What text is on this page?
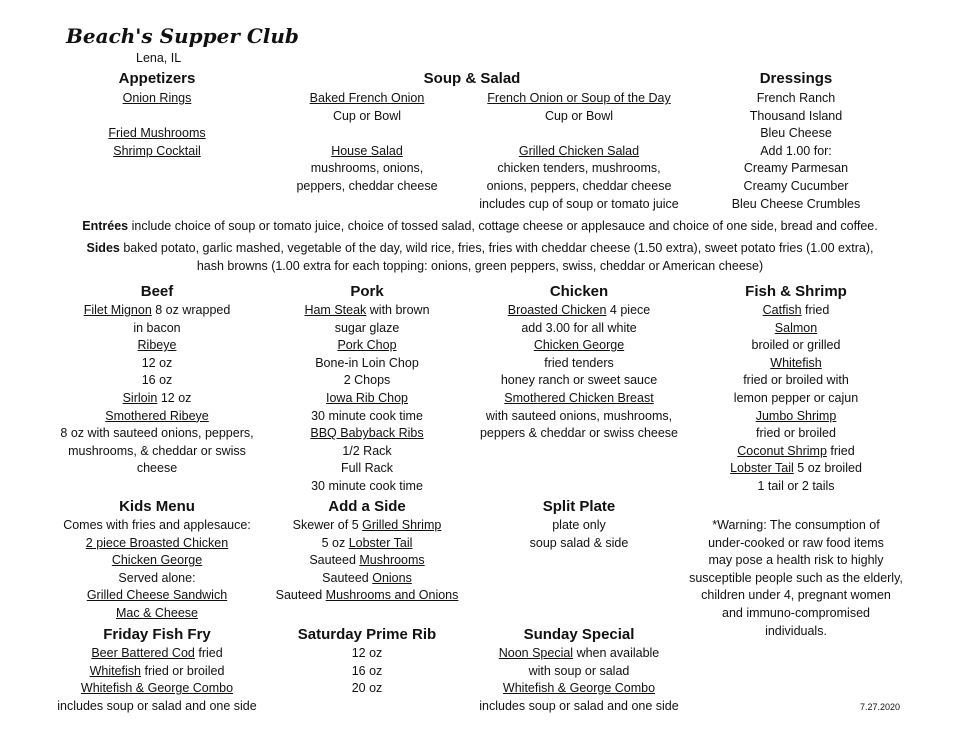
Beach's Supper Club
Lena, IL
Appetizers
Onion Rings
Fried Mushrooms
Shrimp Cocktail
Soup & Salad
Baked French Onion
Cup or Bowl
House Salad
mushrooms, onions,
peppers, cheddar cheese
French Onion or Soup of the Day
Cup or Bowl
Grilled Chicken Salad
chicken tenders, mushrooms,
onions, peppers, cheddar cheese
includes cup of soup or tomato juice
Dressings
French Ranch
Thousand Island
Bleu Cheese
Add 1.00 for:
Creamy Parmesan
Creamy Cucumber
Bleu Cheese Crumbles
Entrées include choice of soup or tomato juice, choice of tossed salad, cottage cheese or applesauce and choice of one side, bread and coffee.
Sides baked potato, garlic mashed, vegetable of the day, wild rice, fries, fries with cheddar cheese (1.50 extra), sweet potato fries (1.00 extra),
hash browns (1.00 extra for each topping: onions, green peppers, swiss, cheddar or American cheese)
Beef
Filet Mignon 8 oz wrapped
in bacon
Ribeye
12 oz
16 oz
Sirloin 12 oz
Smothered Ribeye
8 oz with sauteed onions, peppers,
mushrooms, & cheddar or swiss
cheese
Pork
Ham Steak with brown
sugar glaze
Pork Chop
Bone-in Loin Chop
2 Chops
Iowa Rib Chop
30 minute cook time
BBQ Babyback Ribs
1/2 Rack
Full Rack
30 minute cook time
Chicken
Broasted Chicken 4 piece
add 3.00 for all white
Chicken George
fried tenders
honey ranch or sweet sauce
Smothered Chicken Breast
with sauteed onions, mushrooms,
peppers & cheddar or swiss cheese
Fish & Shrimp
Catfish fried
Salmon
broiled or grilled
Whitefish
fried or broiled with
lemon pepper or cajun
Jumbo Shrimp
fried or broiled
Coconut Shrimp fried
Lobster Tail 5 oz broiled
1 tail or 2 tails
Kids Menu
Comes with fries and applesauce:
2 piece Broasted Chicken
Chicken George
Served alone:
Grilled Cheese Sandwich
Mac & Cheese
Add a Side
Skewer of 5 Grilled Shrimp
5 oz Lobster Tail
Sauteed Mushrooms
Sauteed Onions
Sauteed Mushrooms and Onions
Split Plate
plate only
soup salad & side
*Warning: The consumption of
under-cooked or raw food items
may pose a health risk to highly
susceptible people such as the elderly,
children under 4, pregnant women
and immuno-compromised
individuals.
Friday Fish Fry
Beer Battered Cod fried
Whitefish fried or broiled
Whitefish & George Combo
includes soup or salad and one side
Saturday Prime Rib
12 oz
16 oz
20 oz
Sunday Special
Noon Special when available
with soup or salad
Whitefish & George Combo
includes soup or salad and one side	7.27.2020
